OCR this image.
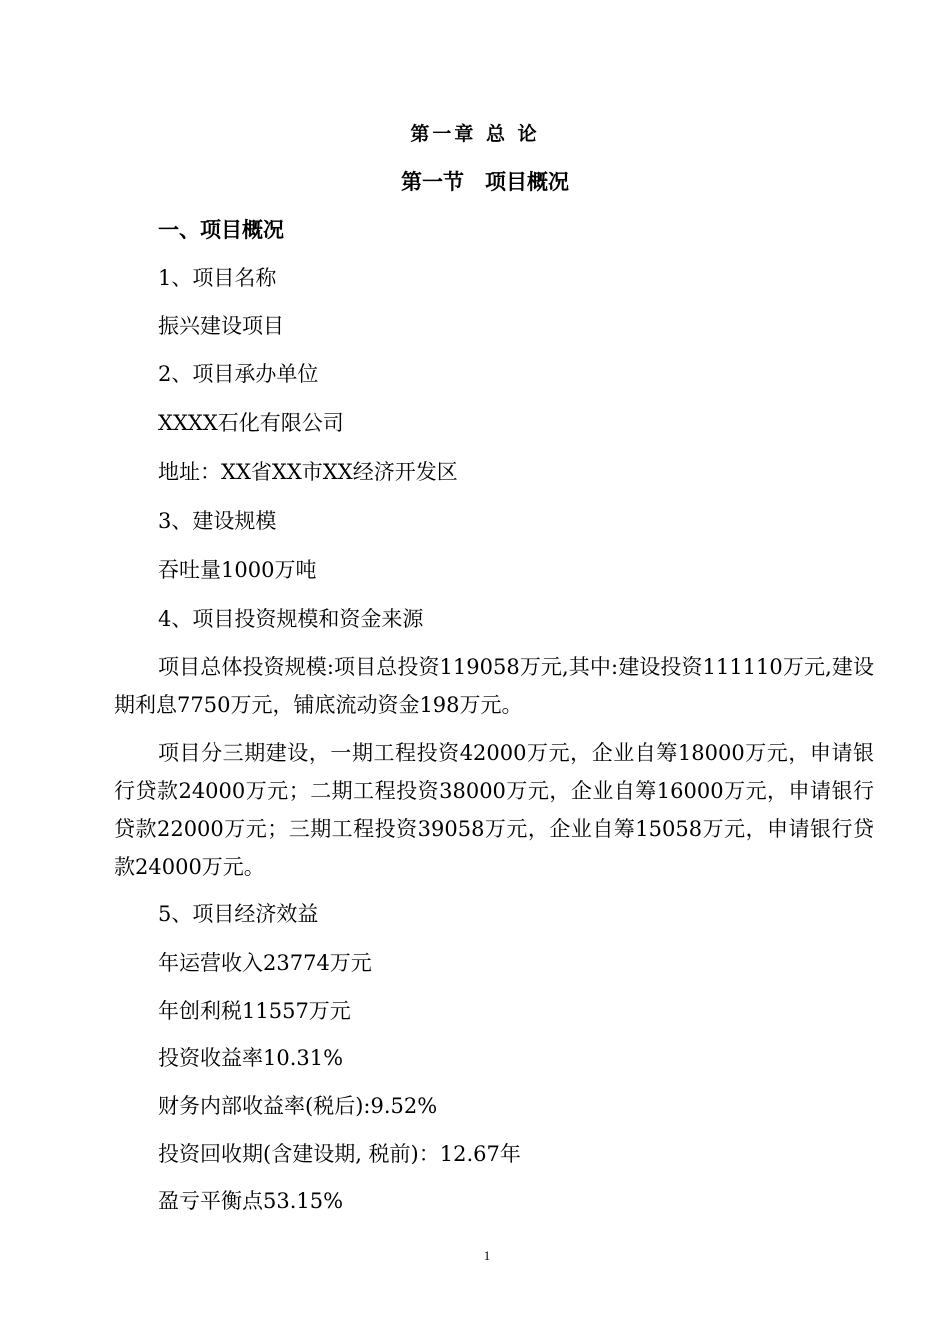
第一章 总 论

第一节　项目概况

一、项目概况

1、项目名称

振兴建设项目

2、项目承办单位

XXXX石化有限公司

地址：XX省XX市XX经济开发区

3、建设规模

吞吐量1000万吨

4、项目投资规模和资金来源

项目总体投资规模:项目总投资119058万元,其中:建设投资111110万元,建设期利息7750万元，铺底流动资金198万元。

项目分三期建设，一期工程投资42000万元，企业自筹18000万元，申请银行贷款24000万元；二期工程投资38000万元，企业自筹16000万元，申请银行贷款22000万元；三期工程投资39058万元，企业自筹15058万元，申请银行贷款24000万元。

5、项目经济效益

年运营收入23774万元

年创利税11557万元

投资收益率10.31%

财务内部收益率(税后):9.52%

投资回收期(含建设期, 税前)：12.67年

盈亏平衡点53.15%

1
